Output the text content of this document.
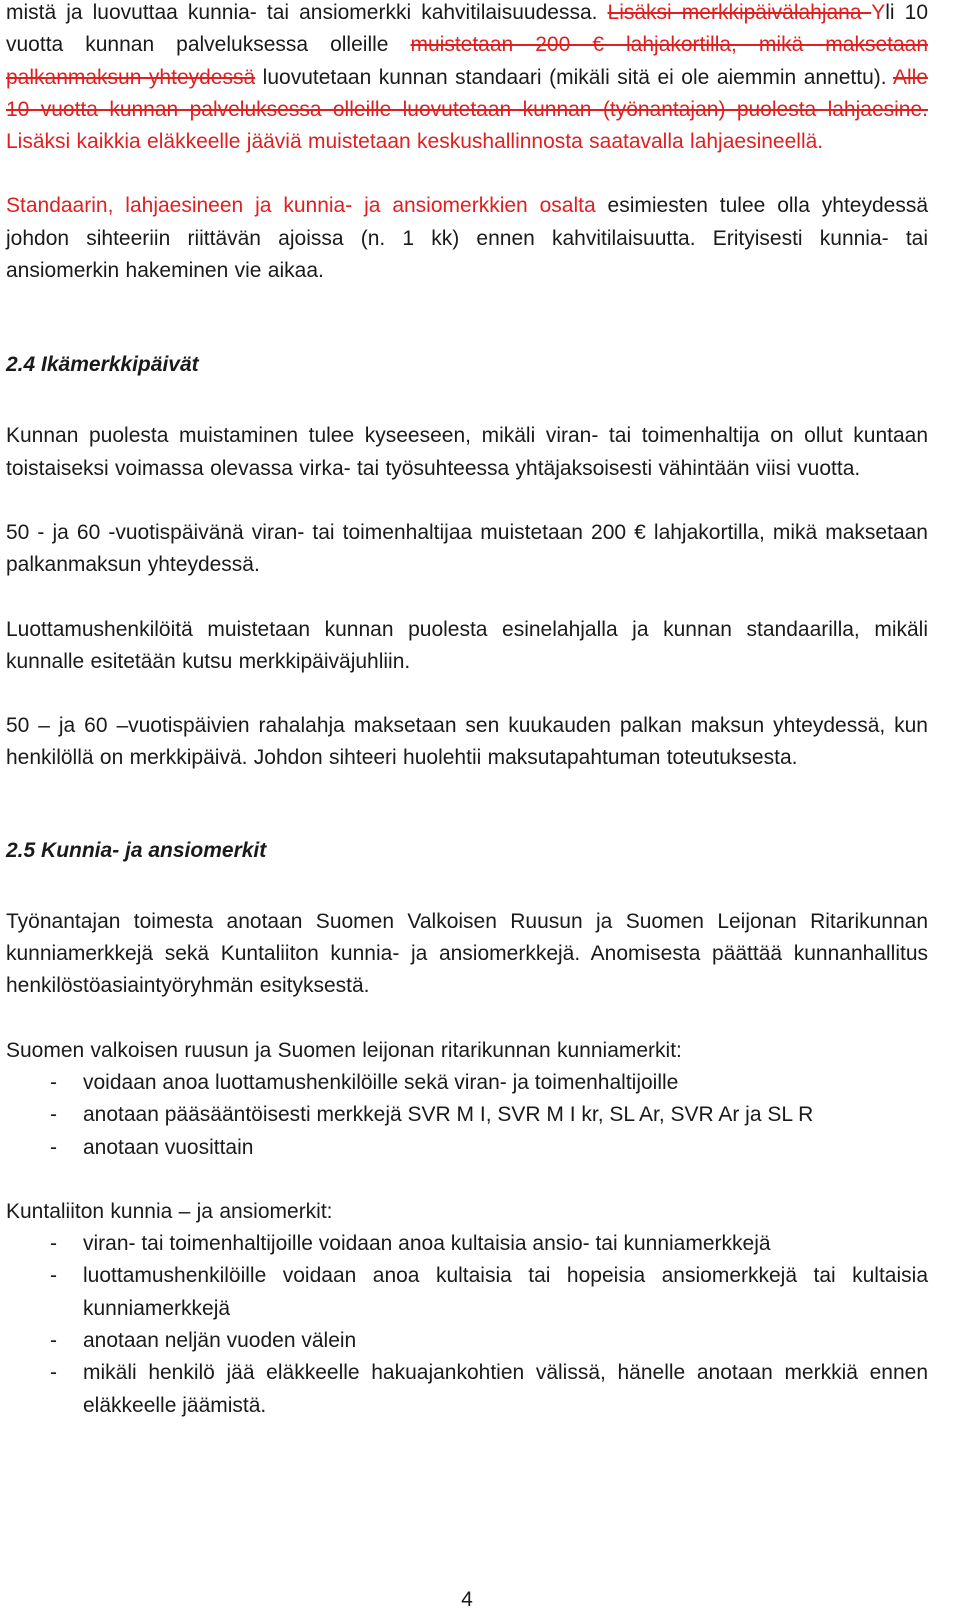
mistä ja luovuttaa kunnia- tai ansiomerkki kahvitilaisuudessa. Lisäksi merkkipäivälahjana Yli 10 vuotta kunnan palveluksessa olleille muistetaan 200 € lahjakortilla, mikä maksetaan palkanmaksun yhteydessä luovutetaan kunnan standaari (mikäli sitä ei ole aiemmin annettu). Alle 10 vuotta kunnan palveluksessa olleille luovutetaan kunnan (työnantajan) puolesta lahjaesine. Lisäksi kaikkia eläkkeelle jääviä muistetaan keskushallinnosta saatavalla lahjaesineellä.

Standaarin, lahjaesineen ja kunnia- ja ansiomerkkien osalta esimiesten tulee olla yhteydessä johdon sihteeriin riittävän ajoissa (n. 1 kk) ennen kahvitilaisuutta. Erityisesti kunnia- tai ansiomerkin hakeminen vie aikaa.

2.4 Ikämerkkipäivät

Kunnan puolesta muistaminen tulee kyseeseen, mikäli viran- tai toimenhaltija on ollut kuntaan toistaiseksi voimassa olevassa virka- tai työsuhteessa yhtäjaksoisesti vähintään viisi vuotta.

50 - ja 60 -vuotispäivänä viran- tai toimenhaltijaa muistetaan 200 € lahjakortilla, mikä maksetaan palkanmaksun yhteydessä.

Luottamushenkilöitä muistetaan kunnan puolesta esinelahjalla ja kunnan standaarilla, mikäli kunnalle esitetään kutsu merkkipäiväjuhliin.

50 – ja 60 –vuotispäivien rahalahja maksetaan sen kuukauden palkan maksun yhteydessä, kun henkilöllä on merkkipäivä. Johdon sihteeri huolehtii maksutapahtuman toteutuksesta.

2.5 Kunnia- ja ansiomerkit

Työnantajan toimesta anotaan Suomen Valkoisen Ruusun ja Suomen Leijonan Ritarikunnan kunniamerkkejä sekä Kuntaliiton kunnia- ja ansiomerkkejä. Anomisesta päättää kunnanhallitus henkilöstöasiaintyöryhmän esityksestä.

Suomen valkoisen ruusun ja Suomen leijonan ritarikunnan kunniamerkit:

- voidaan anoa luottamushenkilöille sekä viran- ja toimenhaltijoille
- anotaan pääsääntöisesti merkkejä SVR M I, SVR M I kr, SL Ar, SVR Ar ja SL R
- anotaan vuosittain

Kuntaliiton kunnia – ja ansiomerkit:

- viran- tai toimenhaltijoille voidaan anoa kultaisia ansio- tai kunniamerkkejä
- luottamushenkilöille voidaan anoa kultaisia tai hopeisia ansiomerkkejä tai kultaisia kunniamerkkejä
- anotaan neljän vuoden välein
- mikäli henkilö jää eläkkeelle hakuajankohtien välissä, hänelle anotaan merkkiä ennen eläkkeelle jäämistä.
4
